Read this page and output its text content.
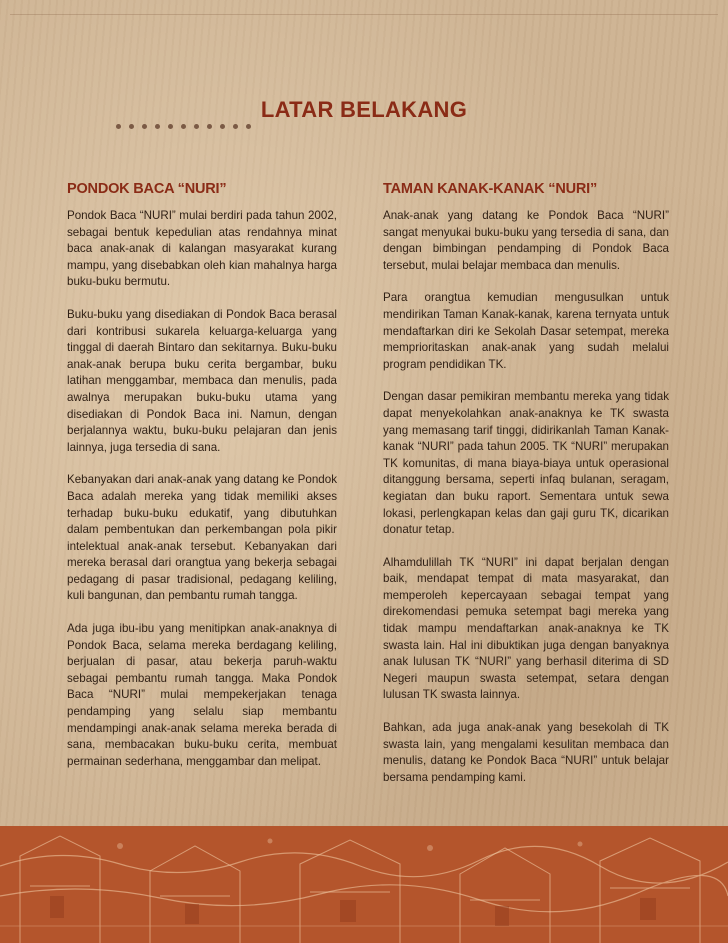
LATAR BELAKANG
PONDOK BACA “NURI”

Pondok Baca “NURI” mulai berdiri pada tahun 2002, sebagai bentuk kepedulian atas rendahnya minat baca anak-anak di kalangan masyarakat kurang mampu, yang disebabkan oleh kian mahalnya harga buku-buku bermutu.

Buku-buku yang disediakan di Pondok Baca berasal dari kontribusi sukarela keluarga-keluarga yang tinggal di daerah Bintaro dan sekitarnya. Buku-buku anak-anak berupa buku cerita bergambar, buku latihan menggambar, membaca dan menulis, pada awalnya merupakan buku-buku utama yang disediakan di Pondok Baca ini. Namun, dengan berjalannya waktu, buku-buku pelajaran dan jenis lainnya, juga tersedia di sana.

Kebanyakan dari anak-anak yang datang ke Pondok Baca adalah mereka yang tidak memiliki akses terhadap buku-buku edukatif, yang dibutuhkan dalam pembentukan dan perkembangan pola pikir intelektual anak-anak tersebut. Kebanyakan dari mereka berasal dari orangtua yang bekerja sebagai pedagang di pasar tradisional, pedagang keliling, kuli bangunan, dan pembantu rumah tangga.

Ada juga ibu-ibu yang menitipkan anak-anaknya di Pondok Baca, selama mereka berdagang keliling, berjualan di pasar, atau bekerja paruh-waktu sebagai pembantu rumah tangga. Maka Pondok Baca “NURI” mulai mempekerjakan tenaga pendamping yang selalu siap membantu mendampingi anak-anak selama mereka berada di sana, membacakan buku-buku cerita, membuat permainan sederhana, menggambar dan melipat.

TAMAN KANAK-KANAK “NURI”

Anak-anak yang datang ke Pondok Baca “NURI” sangat menyukai buku-buku yang tersedia di sana, dan dengan bimbingan pendamping di Pondok Baca tersebut, mulai belajar membaca dan menulis.

Para orangtua kemudian mengusulkan untuk mendirikan Taman Kanak-kanak, karena ternyata untuk mendaftarkan diri ke Sekolah Dasar setempat, mereka memprioritaskan anak-anak yang sudah melalui program pendidikan TK.

Dengan dasar pemikiran membantu mereka yang tidak dapat menyekolahkan anak-anaknya ke TK swasta yang memasang tarif tinggi, didirikanlah Taman Kanak-kanak “NURI” pada tahun 2005. TK “NURI” merupakan TK komunitas, di mana biaya-biaya untuk operasional ditanggung bersama, seperti infaq bulanan, seragam, kegiatan dan buku raport. Sementara untuk sewa lokasi, perlengkapan kelas dan gaji guru TK, dicarikan donatur tetap.

Alhamdulillah TK “NURI” ini dapat berjalan dengan baik, mendapat tempat di mata masyarakat, dan memperoleh kepercayaan sebagai tempat yang direkomendasi pemuka setempat bagi mereka yang tidak mampu mendaftarkan anak-anaknya ke TK swasta lain. Hal ini dibuktikan juga dengan banyaknya anak lulusan TK “NURI” yang berhasil diterima di SD Negeri maupun swasta setempat, setara dengan lulusan TK swasta lainnya.

Bahkan, ada juga anak-anak yang besekolah di TK swasta lain, yang mengalami kesulitan membaca dan menulis, datang ke Pondok Baca “NURI” untuk belajar bersama pendamping kami.
